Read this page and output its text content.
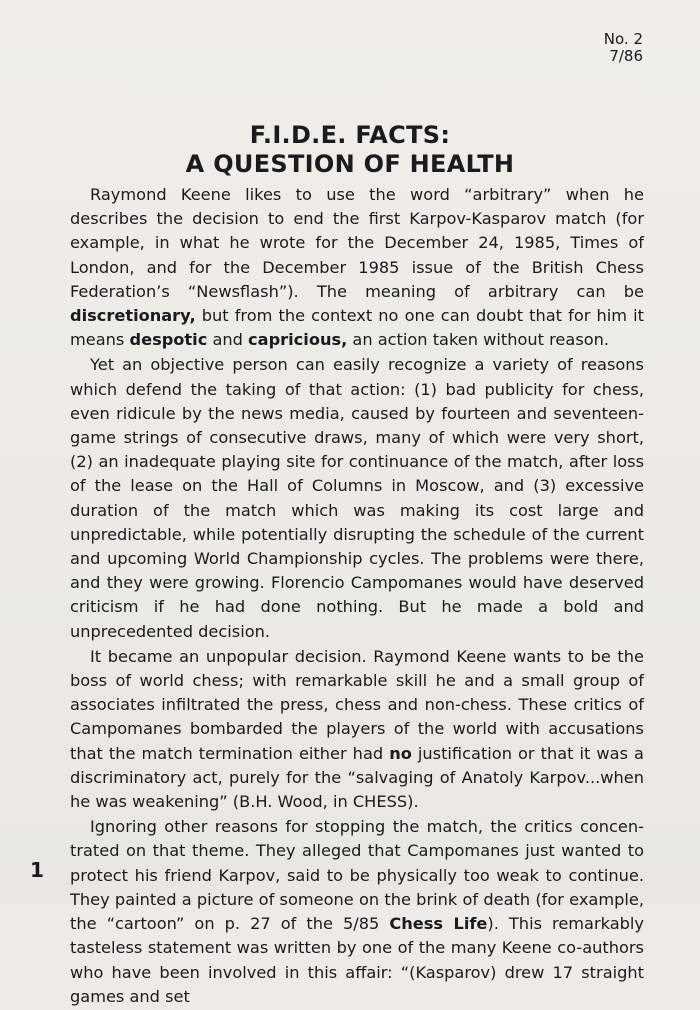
No. 2
7/86
F.I.D.E. FACTS:
A QUESTION OF HEALTH

Raymond Keene likes to use the word “arbitrary” when he describes the decision to end the first Karpov-Kasparov match (for example, in what he wrote for the December 24, 1985, Times of London, and for the December 1985 issue of the British Chess Federation’s “Newsflash”). The meaning of arbitrary can be discretionary, but from the context no one can doubt that for him it means despotic and capricious, an action taken without reason.

Yet an objective person can easily recognize a variety of reasons which defend the taking of that action: (1) bad publicity for chess, even ridicule by the news media, caused by fourteen and seventeen-game strings of consecutive draws, many of which were very short, (2) an inadequate playing site for continuance of the match, after loss of the lease on the Hall of Columns in Moscow, and (3) excessive duration of the match which was making its cost large and unpredictable, while potentially disrupting the schedule of the current and upcoming World Championship cycles. The problems were there, and they were growing. Florencio Campomanes would have deserved criticism if he had done nothing. But he made a bold and unprecedented decision.

It became an unpopular decision. Raymond Keene wants to be the boss of world chess; with remarkable skill he and a small group of associates infiltrated the press, chess and non-chess. These critics of Campomanes bombarded the players of the world with accusations that the match termination either had no justification or that it was a discriminatory act, purely for the “salvaging of Anatoly Karpov...when he was weakening” (B.H. Wood, in CHESS).

Ignoring other reasons for stopping the match, the critics concentrated on that theme. They alleged that Campomanes just wanted to protect his friend Karpov, said to be physically too weak to continue. They painted a picture of someone on the brink of death (for example, the “cartoon” on p. 27 of the 5/85 Chess Life). This remarkably tasteless statement was written by one of the many Keene co-authors who have been involved in this affair: “(Kasparov) drew 17 straight games and set

1
